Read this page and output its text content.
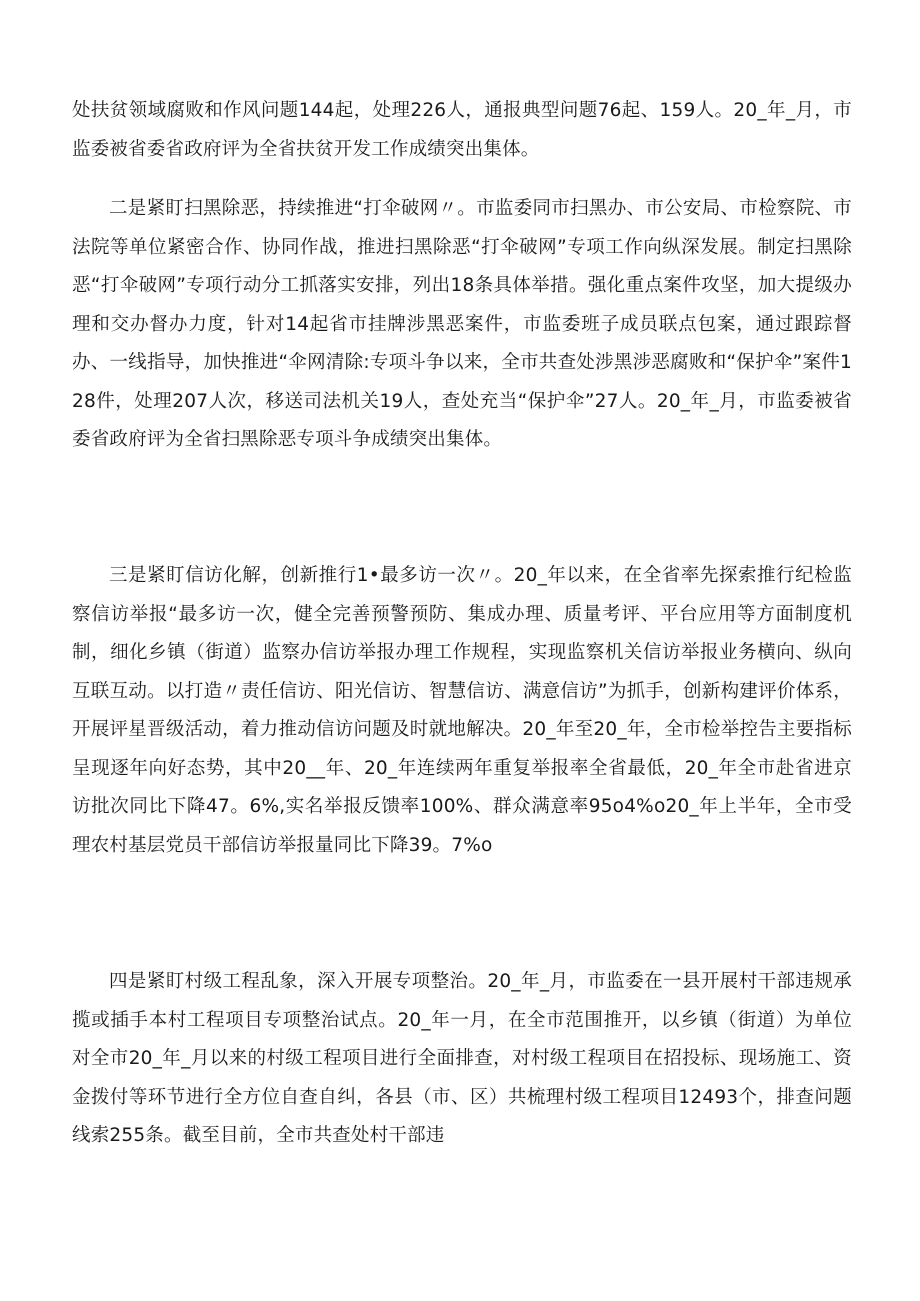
处扶贫领域腐败和作风问题144起，处理226人，通报典型问题76起、159人。20_年_月，市监委被省委省政府评为全省扶贫开发工作成绩突出集体。

二是紧盯扫黑除恶，持续推进“打伞破网〃。市监委同市扫黑办、市公安局、市检察院、市法院等单位紧密合作、协同作战，推进扫黑除恶“打伞破网”专项工作向纵深发展。制定扫黑除恶“打伞破网”专项行动分工抓落实安排，列出18条具体举措。强化重点案件攻坚，加大提级办理和交办督办力度，针对14起省市挂牌涉黑恶案件，市监委班子成员联点包案，通过跟踪督办、一线指导，加快推进“伞网清除:专项斗争以来，全市共查处涉黑涉恶腐败和“保护伞”案件128件，处理207人次，移送司法机关19人，查处充当“保护伞”27人。20_年_月，市监委被省委省政府评为全省扫黑除恶专项斗争成绩突出集体。

三是紧盯信访化解，创新推行1•最多访一次〃。20_年以来，在全省率先探索推行纪检监察信访举报“最多访一次，健全完善预警预防、集成办理、质量考评、平台应用等方面制度机制，细化乡镇（街道）监察办信访举报办理工作规程，实现监察机关信访举报业务横向、纵向互联互动。以打造〃责任信访、阳光信访、智慧信访、满意信访”为抓手，创新构建评价体系，开展评星晋级活动，着力推动信访问题及时就地解决。20_年至20_年，全市检举控告主要指标呈现逐年向好态势，其中20__年、20_年连续两年重复举报率全省最低，20_年全市赴省进京访批次同比下降47。6%,实名举报反馈率100%、群众满意率95o4%o20_年上半年，全市受理农村基层党员干部信访举报量同比下降39。7%o

四是紧盯村级工程乱象，深入开展专项整治。20_年_月，市监委在一县开展村干部违规承揽或插手本村工程项目专项整治试点。20_年一月，在全市范围推开，以乡镇（街道）为单位对全市20_年_月以来的村级工程项目进行全面排查，对村级工程项目在招投标、现场施工、资金拨付等环节进行全方位自查自纠，各县（市、区）共梳理村级工程项目12493个，排查问题线索255条。截至目前，全市共查处村干部违
